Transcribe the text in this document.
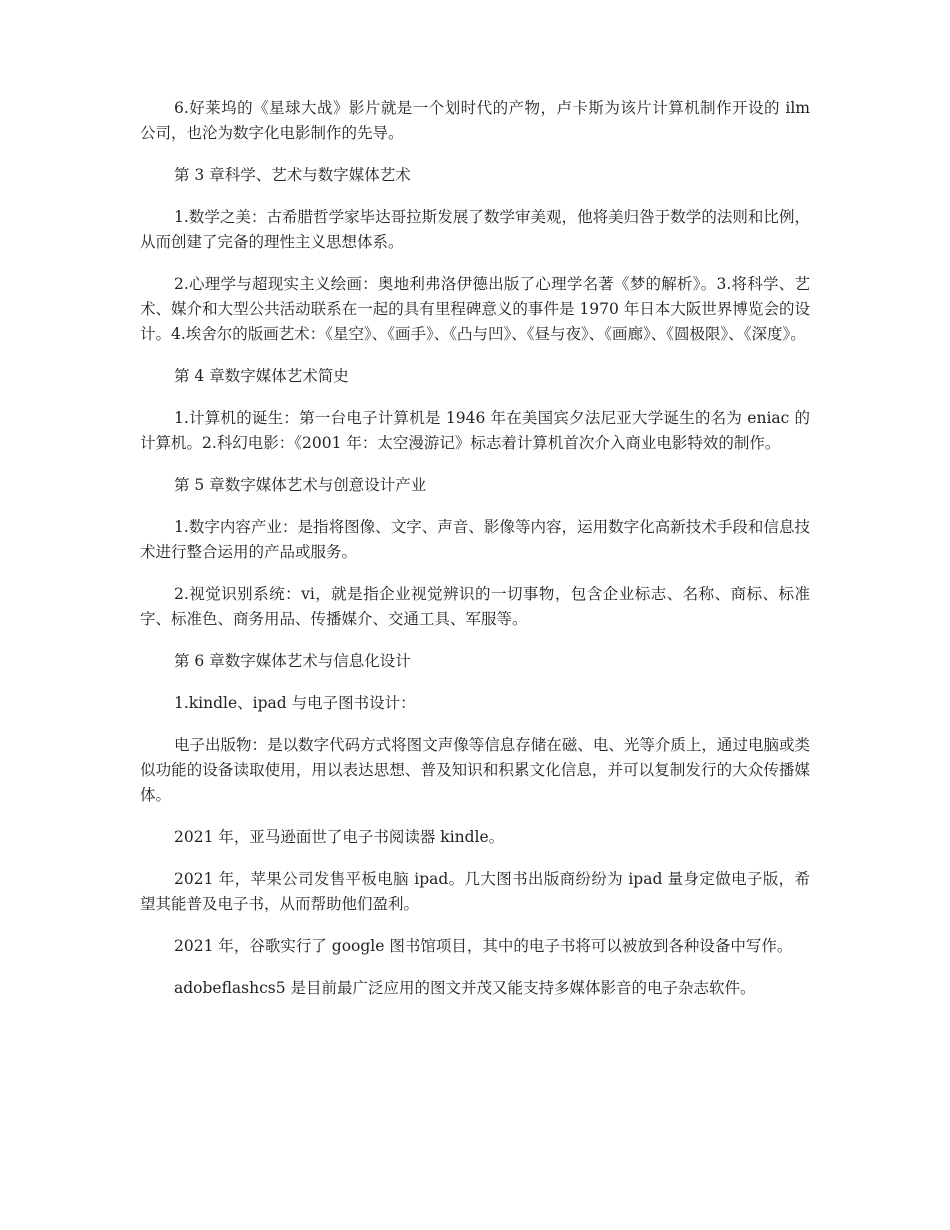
6.好莱坞的《星球大战》影片就是一个划时代的产物，卢卡斯为该片计算机制作开设的 ilm 公司，也沦为数字化电影制作的先导。

第 3 章科学、艺术与数字媒体艺术

1.数学之美：古希腊哲学家毕达哥拉斯发展了数学审美观，他将美归咎于数学的法则和比例，从而创建了完备的理性主义思想体系。

2.心理学与超现实主义绘画：奥地利弗洛伊德出版了心理学名著《梦的解析》。3.将科学、艺术、媒介和大型公共活动联系在一起的具有里程碑意义的事件是 1970 年日本大阪世界博览会的设计。4.埃舍尔的版画艺术：《星空》、《画手》、《凸与凹》、《昼与夜》、《画廊》、《圆极限》、《深度》。

第 4 章数字媒体艺术简史

1.计算机的诞生：第一台电子计算机是 1946 年在美国宾夕法尼亚大学诞生的名为 eniac 的计算机。2.科幻电影：《2001 年：太空漫游记》标志着计算机首次介入商业电影特效的制作。

第 5 章数字媒体艺术与创意设计产业

1.数字内容产业：是指将图像、文字、声音、影像等内容，运用数字化高新技术手段和信息技术进行整合运用的产品或服务。

2.视觉识别系统：vi，就是指企业视觉辨识的一切事物，包含企业标志、名称、商标、标准字、标准色、商务用品、传播媒介、交通工具、军服等。

第 6 章数字媒体艺术与信息化设计

1.kindle、ipad 与电子图书设计：

电子出版物：是以数字代码方式将图文声像等信息存储在磁、电、光等介质上，通过电脑或类似功能的设备读取使用，用以表达思想、普及知识和积累文化信息，并可以复制发行的大众传播媒体。

2021 年，亚马逊面世了电子书阅读器 kindle。

2021 年，苹果公司发售平板电脑 ipad。几大图书出版商纷纷为 ipad 量身定做电子版，希望其能普及电子书，从而帮助他们盈利。

2021 年，谷歌实行了 google 图书馆项目，其中的电子书将可以被放到各种设备中写作。

adobeflashcs5 是目前最广泛应用的图文并茂又能支持多媒体影音的电子杂志软件。
